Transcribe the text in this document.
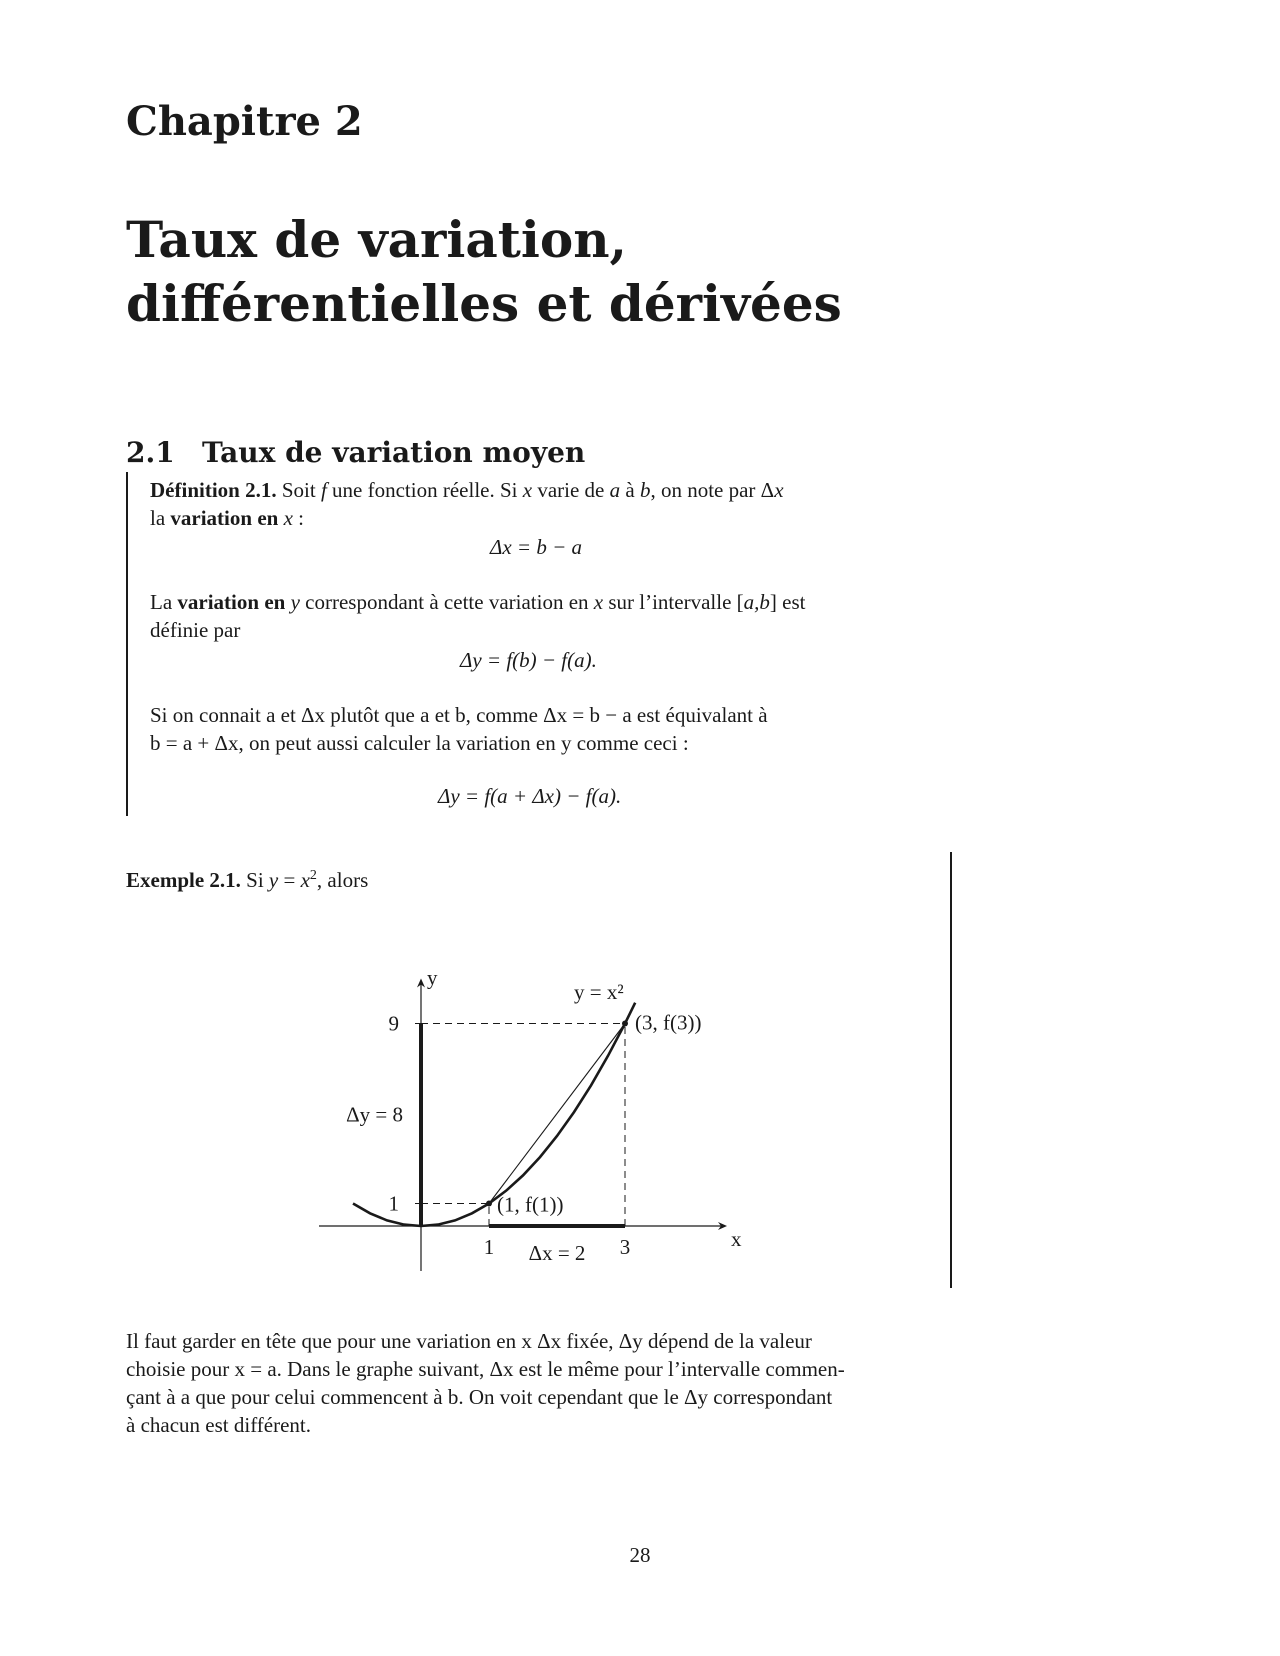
Chapitre 2
Taux de variation, différentielles et dérivées
2.1 Taux de variation moyen
Définition 2.1. Soit f une fonction réelle. Si x varie de a à b, on note par Δx
la variation en x :
Δx = b − a
La variation en y correspondant à cette variation en x sur l’intervalle [a,b] est
définie par
Δy = f(b) − f(a).
Si on connait a et Δx plutôt que a et b, comme Δx = b − a est équivalant à
b = a + Δx, on peut aussi calculer la variation en y comme ceci :
Δy = f(a + Δx) − f(a).
Exemple 2.1. Si $y = x^2$, alors
x
y
1	3
1
9
Δx = 2
Δy = 8
y = x²
(1, f(1))
(3, f(3))
Il faut garder en tête que pour une variation en x Δx fixée, Δy dépend de la valeur
choisie pour x = a. Dans le graphe suivant, Δx est le même pour l’intervalle commen-
çant à a que pour celui commencent à b. On voit cependant que le Δy correspondant
à chacun est différent.
28
